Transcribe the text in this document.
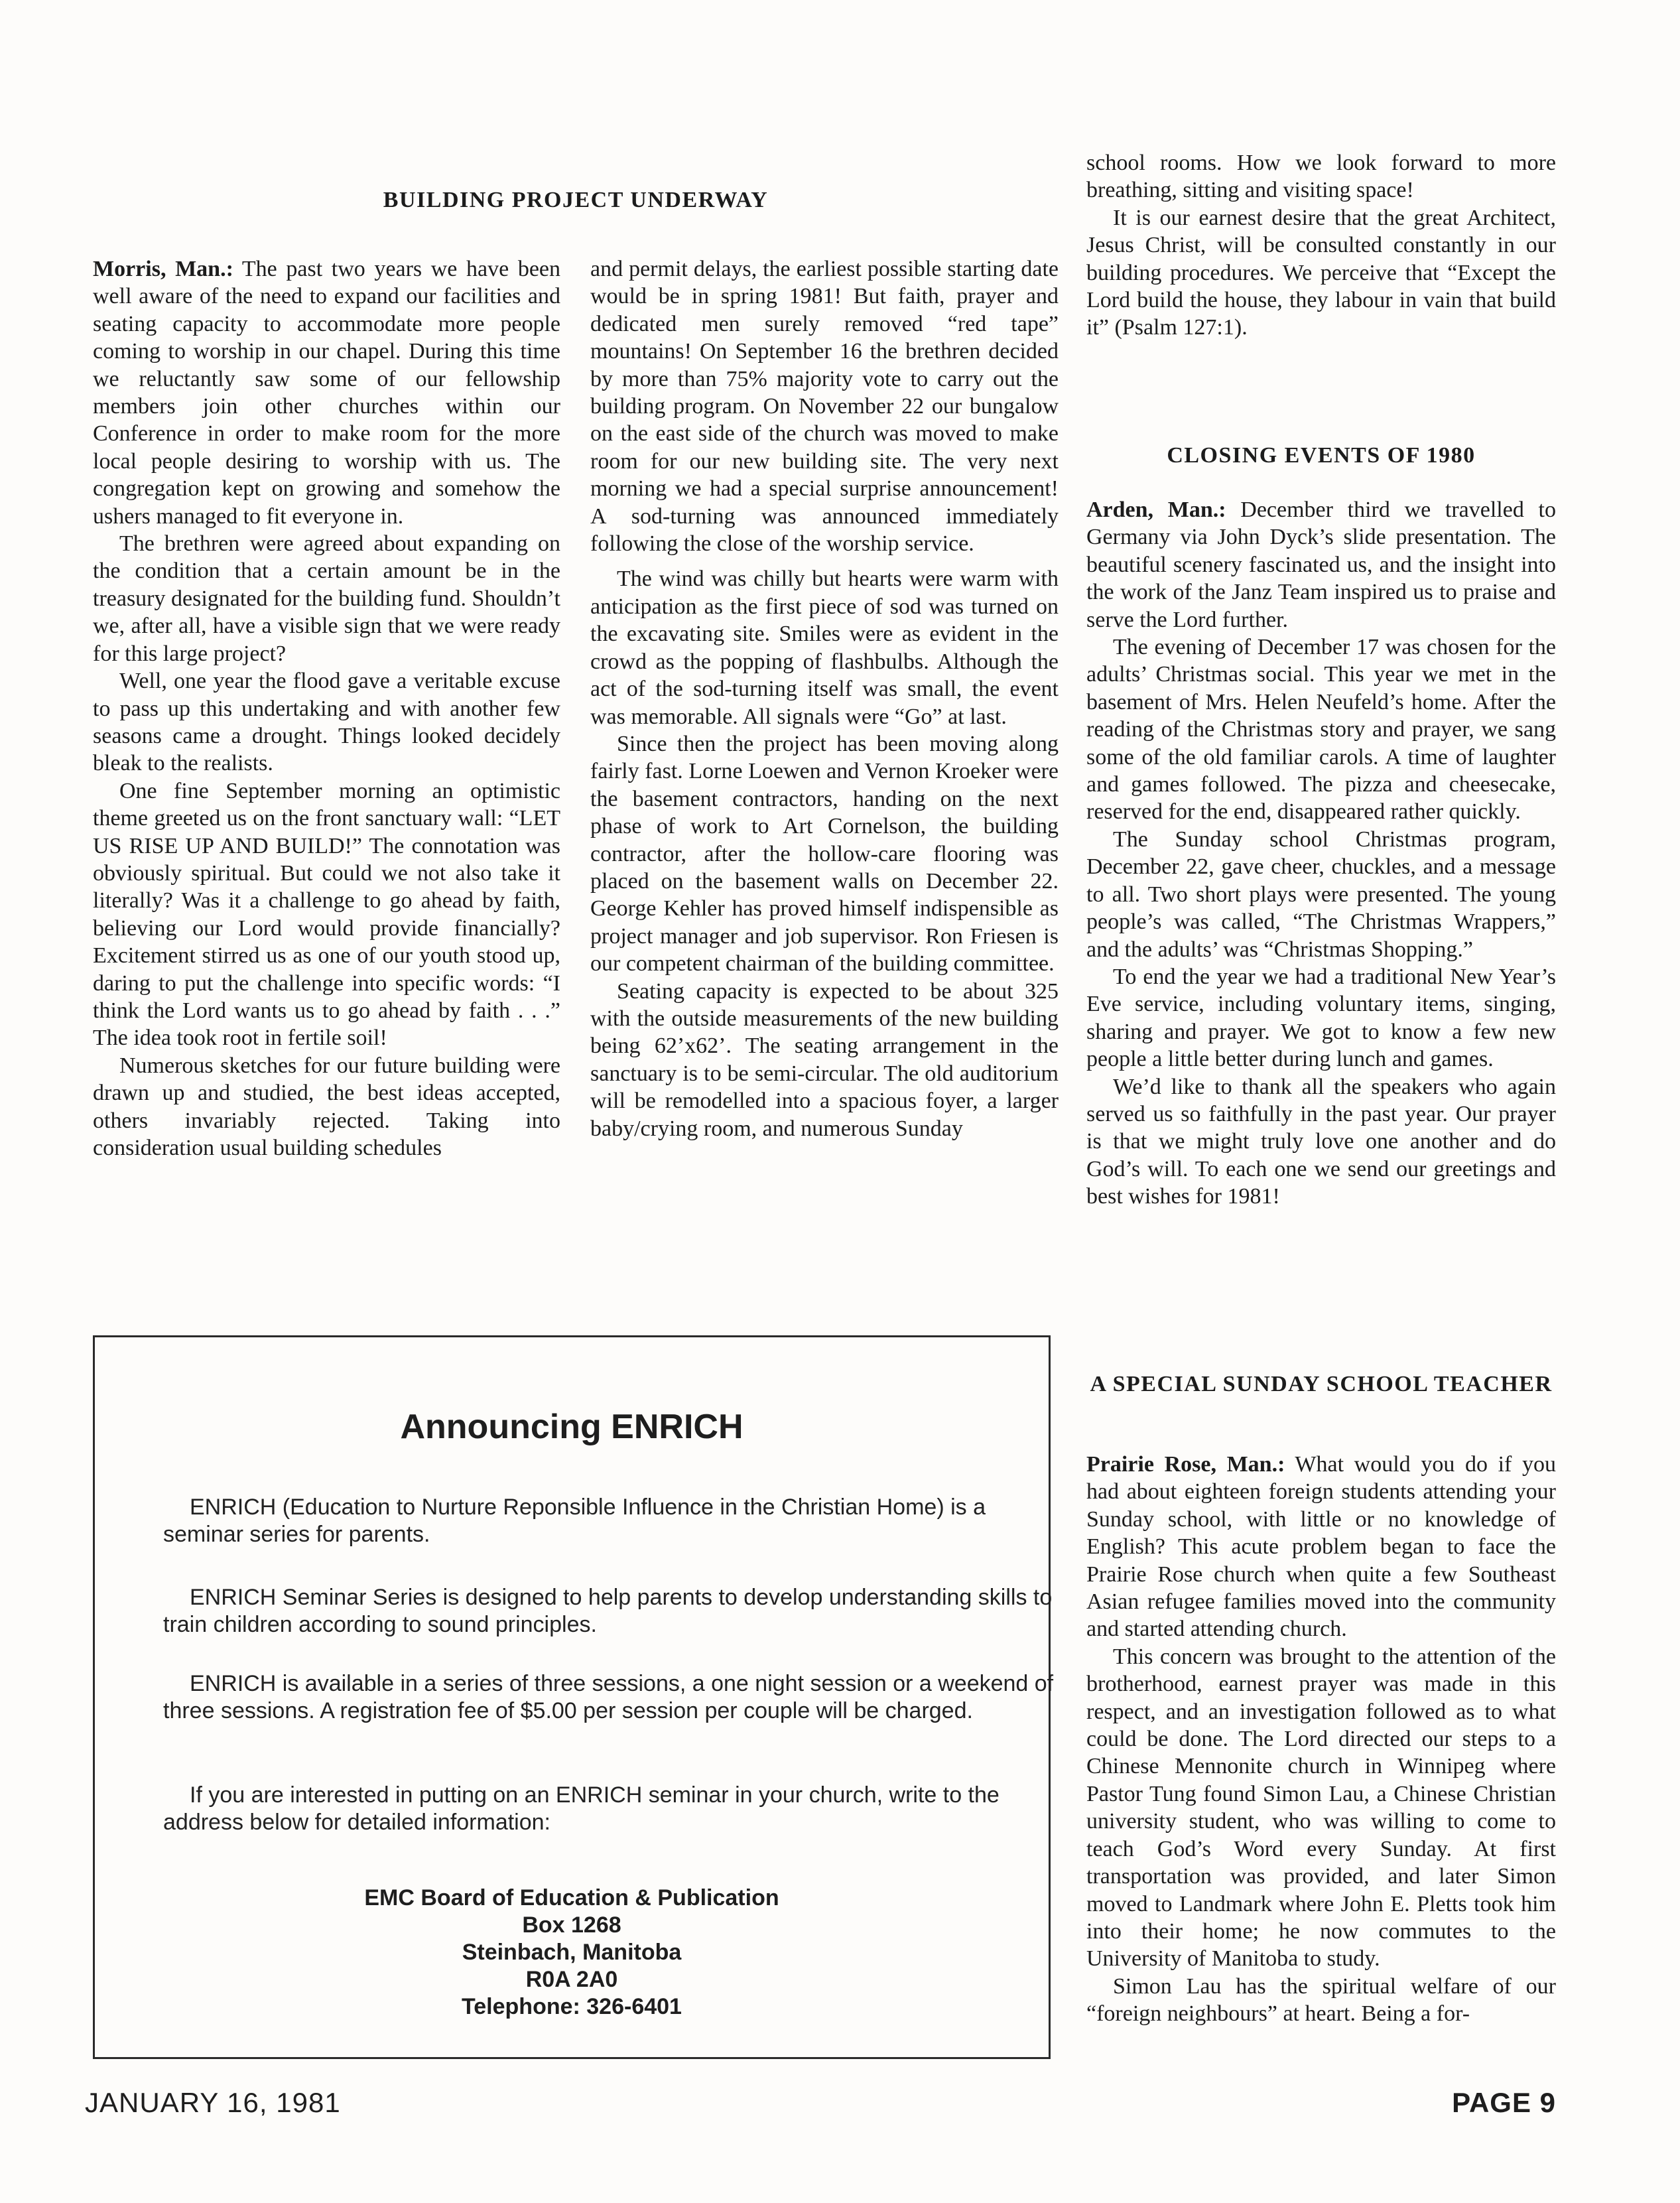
BUILDING PROJECT UNDERWAY

Morris, Man.: The past two years we have been well aware of the need to expand our facilities and seating capacity to accommodate more people coming to worship in our chapel. During this time we reluctantly saw some of our fellowship members join other churches within our Conference in order to make room for the more local people desiring to worship with us. The congregation kept on growing and somehow the ushers managed to fit everyone in.

The brethren were agreed about expanding on the condition that a certain amount be in the treasury designated for the building fund. Shouldn’t we, after all, have a visible sign that we were ready for this large project?

Well, one year the flood gave a veritable excuse to pass up this undertaking and with another few seasons came a drought. Things looked decidely bleak to the realists.

One fine September morning an optimistic theme greeted us on the front sanctuary wall: “LET US RISE UP AND BUILD!” The connotation was obviously spiritual. But could we not also take it literally? Was it a challenge to go ahead by faith, believing our Lord would provide financially? Excitement stirred us as one of our youth stood up, daring to put the challenge into specific words: “I think the Lord wants us to go ahead by faith . . .” The idea took root in fertile soil!

Numerous sketches for our future building were drawn up and studied, the best ideas accepted, others invariably rejected. Taking into consideration usual building schedules

and permit delays, the earliest possible starting date would be in spring 1981! But faith, prayer and dedicated men surely removed “red tape” mountains! On September 16 the brethren decided by more than 75% majority vote to carry out the building program. On November 22 our bungalow on the east side of the church was moved to make room for our new building site. The very next morning we had a special surprise announcement! A sod-turning was announced immediately following the close of the worship service.

The wind was chilly but hearts were warm with anticipation as the first piece of sod was turned on the excavating site. Smiles were as evident in the crowd as the popping of flashbulbs. Although the act of the sod-turning itself was small, the event was memorable. All signals were “Go” at last.

Since then the project has been moving along fairly fast. Lorne Loewen and Vernon Kroeker were the basement contractors, handing on the next phase of work to Art Cornelson, the building contractor, after the hollow-care flooring was placed on the basement walls on December 22. George Kehler has proved himself indispensible as project manager and job supervisor. Ron Friesen is our competent chairman of the building committee.

Seating capacity is expected to be about 325 with the outside measurements of the new building being 62’x62’. The seating arrangement in the sanctuary is to be semi-circular. The old auditorium will be remodelled into a spacious foyer, a larger baby/crying room, and numerous Sunday

school rooms. How we look forward to more breathing, sitting and visiting space!

It is our earnest desire that the great Architect, Jesus Christ, will be consulted constantly in our building procedures. We perceive that “Except the Lord build the house, they labour in vain that build it” (Psalm 127:1).

CLOSING EVENTS OF 1980

Arden, Man.: December third we travelled to Germany via John Dyck’s slide presentation. The beautiful scenery fascinated us, and the insight into the work of the Janz Team inspired us to praise and serve the Lord further.

The evening of December 17 was chosen for the adults’ Christmas social. This year we met in the basement of Mrs. Helen Neufeld’s home. After the reading of the Christmas story and prayer, we sang some of the old familiar carols. A time of laughter and games followed. The pizza and cheesecake, reserved for the end, disappeared rather quickly.

The Sunday school Christmas program, December 22, gave cheer, chuckles, and a message to all. Two short plays were presented. The young people’s was called, “The Christmas Wrappers,” and the adults’ was “Christmas Shopping.”

To end the year we had a traditional New Year’s Eve service, including voluntary items, singing, sharing and prayer. We got to know a few new people a little better during lunch and games.

We’d like to thank all the speakers who again served us so faithfully in the past year. Our prayer is that we might truly love one another and do God’s will. To each one we send our greetings and best wishes for 1981!

A SPECIAL SUNDAY SCHOOL TEACHER

Prairie Rose, Man.: What would you do if you had about eighteen foreign students attending your Sunday school, with little or no knowledge of English? This acute problem began to face the Prairie Rose church when quite a few Southeast Asian refugee families moved into the community and started attending church.

This concern was brought to the attention of the brotherhood, earnest prayer was made in this respect, and an investigation followed as to what could be done. The Lord directed our steps to a Chinese Mennonite church in Winnipeg where Pastor Tung found Simon Lau, a Chinese Christian university student, who was willing to come to teach God’s Word every Sunday. At first transportation was provided, and later Simon moved to Landmark where John E. Pletts took him into their home; he now commutes to the University of Manitoba to study.

Simon Lau has the spiritual welfare of our “foreign neighbours” at heart. Being a for-

Announcing ENRICH

ENRICH (Education to Nurture Reponsible Influence in the Christian Home) is a seminar series for parents.

ENRICH Seminar Series is designed to help parents to develop understanding skills to train children according to sound principles.

ENRICH is available in a series of three sessions, a one night session or a weekend of three sessions. A registration fee of $5.00 per session per couple will be charged.

If you are interested in putting on an ENRICH seminar in your church, write to the address below for detailed information:

EMC Board of Education & Publication
Box 1268
Steinbach, Manitoba
R0A 2A0
Telephone: 326-6401
JANUARY 16, 1981	PAGE 9
